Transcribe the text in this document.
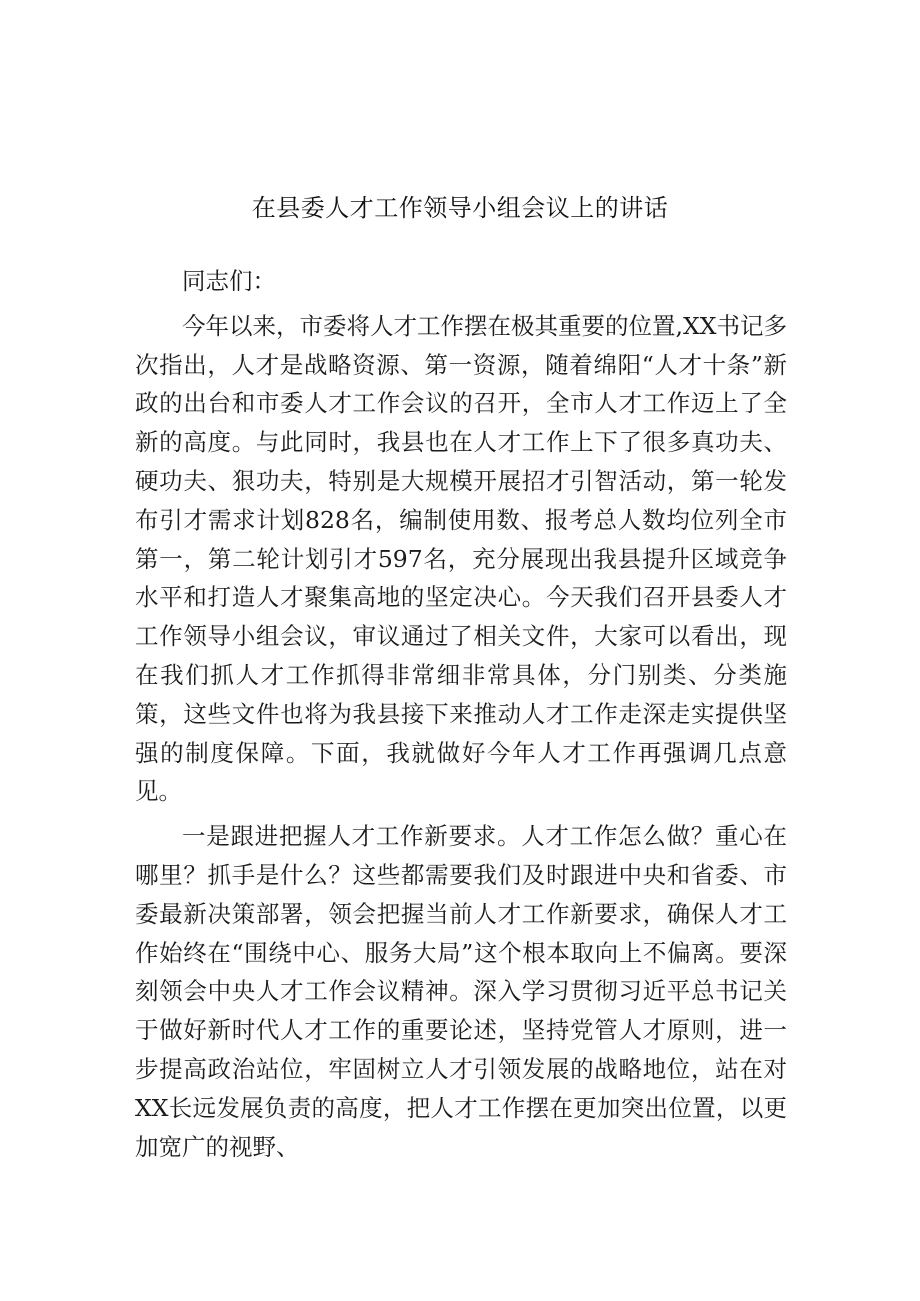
在县委人才工作领导小组会议上的讲话

同志们：

今年以来，市委将人才工作摆在极其重要的位置,XX书记多次指出，人才是战略资源、第一资源，随着绵阳“人才十条”新政的出台和市委人才工作会议的召开，全市人才工作迈上了全新的高度。与此同时，我县也在人才工作上下了很多真功夫、硬功夫、狠功夫，特别是大规模开展招才引智活动，第一轮发布引才需求计划828名，编制使用数、报考总人数均位列全市第一，第二轮计划引才597名，充分展现出我县提升区域竞争水平和打造人才聚集高地的坚定决心。今天我们召开县委人才工作领导小组会议，审议通过了相关文件，大家可以看出，现在我们抓人才工作抓得非常细非常具体，分门别类、分类施策，这些文件也将为我县接下来推动人才工作走深走实提供坚强的制度保障。下面，我就做好今年人才工作再强调几点意见。

一是跟进把握人才工作新要求。人才工作怎么做？重心在哪里？抓手是什么？这些都需要我们及时跟进中央和省委、市委最新决策部署，领会把握当前人才工作新要求，确保人才工作始终在“围绕中心、服务大局”这个根本取向上不偏离。要深刻领会中央人才工作会议精神。深入学习贯彻习近平总书记关于做好新时代人才工作的重要论述，坚持党管人才原则，进一步提高政治站位，牢固树立人才引领发展的战略地位，站在对XX长远发展负责的高度，把人才工作摆在更加突出位置，以更加宽广的视野、
